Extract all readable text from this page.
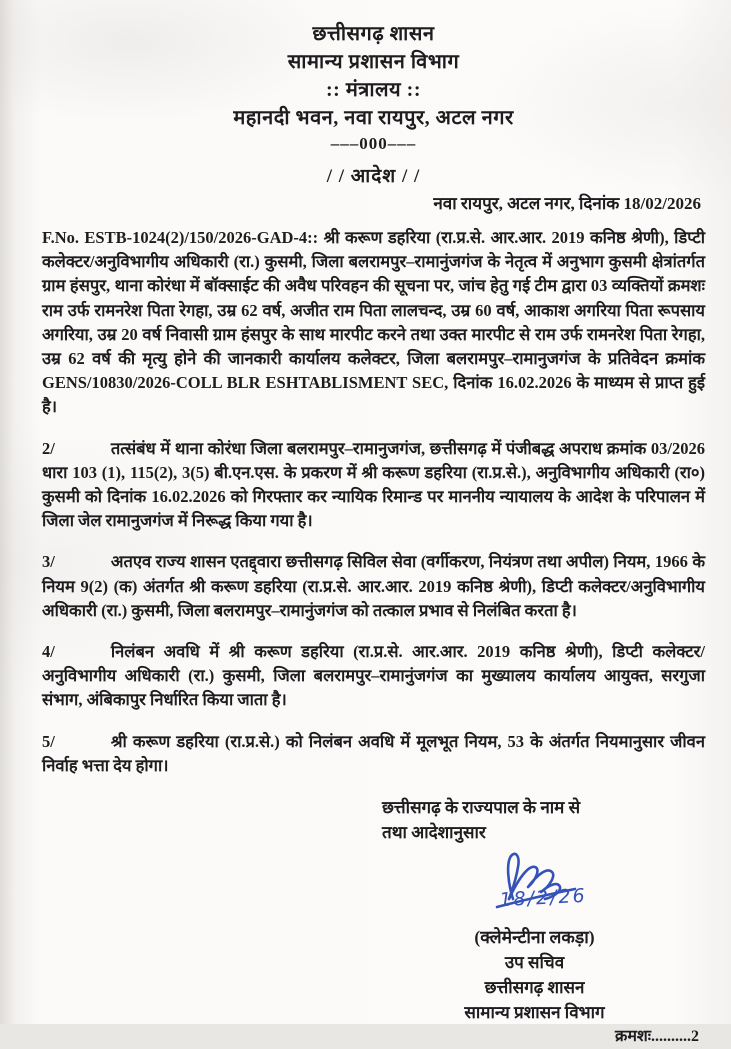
छत्तीसगढ़ शासन
सामान्य प्रशासन विभाग
:: मंत्रालय ::
महानदी भवन, नवा रायपुर, अटल नगर
–––000–––
/ / आदेश / /
नवा रायपुर, अटल नगर, दिनांक 18/02/2026

F.No. ESTB-1024(2)/150/2026-GAD-4:: श्री करूण डहरिया (रा.प्र.से. आर.आर. 2019 कनिष्ठ श्रेणी), डिप्टी कलेक्टर/अनुविभागीय अधिकारी (रा.) कुसमी, जिला बलरामपुर–रामानुंजगंज के नेतृत्व में अनुभाग कुसमी क्षेत्रांतर्गत ग्राम हंसपुर, थाना कोरंधा में बॉक्साईट की अवैध परिवहन की सूचना पर, जांच हेतु गई टीम द्वारा 03 व्यक्तियों क्रमशः राम उर्फ रामनरेश पिता रेगहा, उम्र 62 वर्ष, अजीत राम पिता लालचन्द, उम्र 60 वर्ष, आकाश अगरिया पिता रूपसाय अगरिया, उम्र 20 वर्ष निवासी ग्राम हंसपुर के साथ मारपीट करने तथा उक्त मारपीट से राम उर्फ रामनरेश पिता रेगहा, उम्र 62 वर्ष की मृत्यु होने की जानकारी कार्यालय कलेक्टर, जिला बलरामपुर–रामानुजगंज के प्रतिवेदन क्रमांक GENS/10830/2026-COLL BLR ESHTABLISMENT SEC, दिनांक 16.02.2026 के माध्यम से प्राप्त हुई है।

2/	तत्संबंध में थाना कोरंधा जिला बलरामपुर–रामानुजगंज, छत्तीसगढ़ में पंजीबद्ध अपराध क्रमांक 03/2026 धारा 103 (1), 115(2), 3(5) बी.एन.एस. के प्रकरण में श्री करूण डहरिया (रा.प्र.से.), अनुविभागीय अधिकारी (रा०) कुसमी को दिनांक 16.02.2026 को गिरफ्तार कर न्यायिक रिमान्ड पर माननीय न्यायालय के आदेश के परिपालन में जिला जेल रामानुजगंज में निरूद्ध किया गया है।

3/	अतएव राज्य शासन एतद्द्वारा छत्तीसगढ़ सिविल सेवा (वर्गीकरण, नियंत्रण तथा अपील) नियम, 1966 के नियम 9(2) (क) अंतर्गत श्री करूण डहरिया (रा.प्र.से. आर.आर. 2019 कनिष्ठ श्रेणी), डिप्टी कलेक्टर/अनुविभागीय अधिकारी (रा.) कुसमी, जिला बलरामपुर–रामानुंजगंज को तत्काल प्रभाव से निलंबित करता है।

4/	निलंबन अवधि में श्री करूण डहरिया (रा.प्र.से. आर.आर. 2019 कनिष्ठ श्रेणी), डिप्टी कलेक्टर/अनुविभागीय अधिकारी (रा.) कुसमी, जिला बलरामपुर–रामानुंजगंज का मुख्यालय कार्यालय आयुक्त, सरगुजा संभाग, अंबिकापुर निर्धारित किया जाता है।

5/	श्री करूण डहरिया (रा.प्र.से.) को निलंबन अवधि में मूलभूत नियम, 53 के अंतर्गत नियमानुसार जीवन निर्वाह भत्ता देय होगा।

छत्तीसगढ़ के राज्यपाल के नाम से
तथा आदेशानुसार
18/2/26
(क्लेमेन्टीना लकड़ा)
उप सचिव
छत्तीसगढ़ शासन
सामान्य प्रशासन विभाग
क्रमशः..........2
